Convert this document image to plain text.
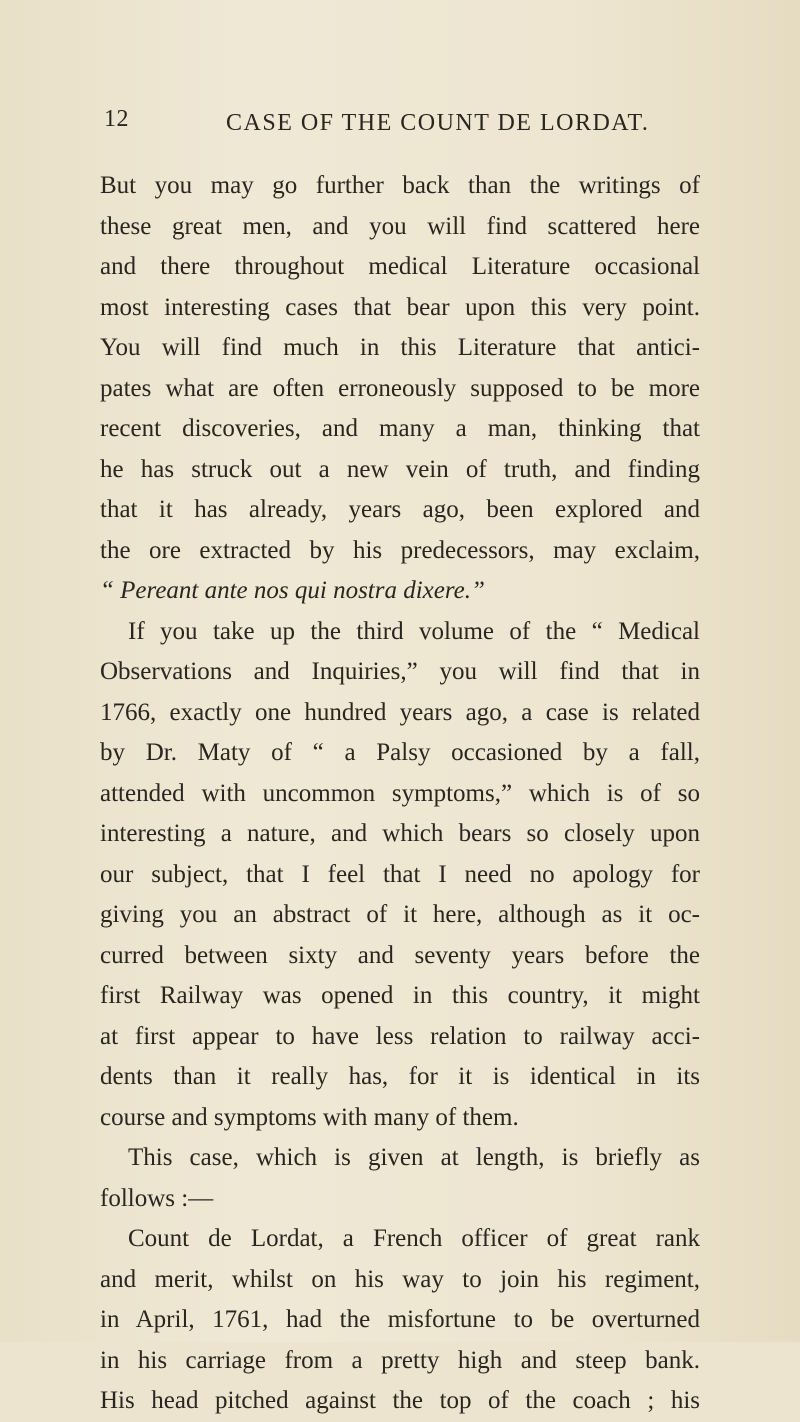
12	CASE OF THE COUNT DE LORDAT.
But you may go further back than the writings of
these great men, and you will find scattered here
and there throughout medical Literature occasional
most interesting cases that bear upon this very point.
You will find much in this Literature that antici-
pates what are often erroneously supposed to be more
recent discoveries, and many a man, thinking that
he has struck out a new vein of truth, and finding
that it has already, years ago, been explored and
the ore extracted by his predecessors, may exclaim,
“ Pereant ante nos qui nostra dixere.”
If you take up the third volume of the “ Medical
Observations and Inquiries,” you will find that in
1766, exactly one hundred years ago, a case is related
by Dr. Maty of “ a Palsy occasioned by a fall,
attended with uncommon symptoms,” which is of so
interesting a nature, and which bears so closely upon
our subject, that I feel that I need no apology for
giving you an abstract of it here, although as it oc-
curred between sixty and seventy years before the
first Railway was opened in this country, it might
at first appear to have less relation to railway acci-
dents than it really has, for it is identical in its
course and symptoms with many of them.
This case, which is given at length, is briefly as
follows :—
Count de Lordat, a French officer of great rank
and merit, whilst on his way to join his regiment,
in April, 1761, had the misfortune to be overturned
in his carriage from a pretty high and steep bank.
His head pitched against the top of the coach ; his
